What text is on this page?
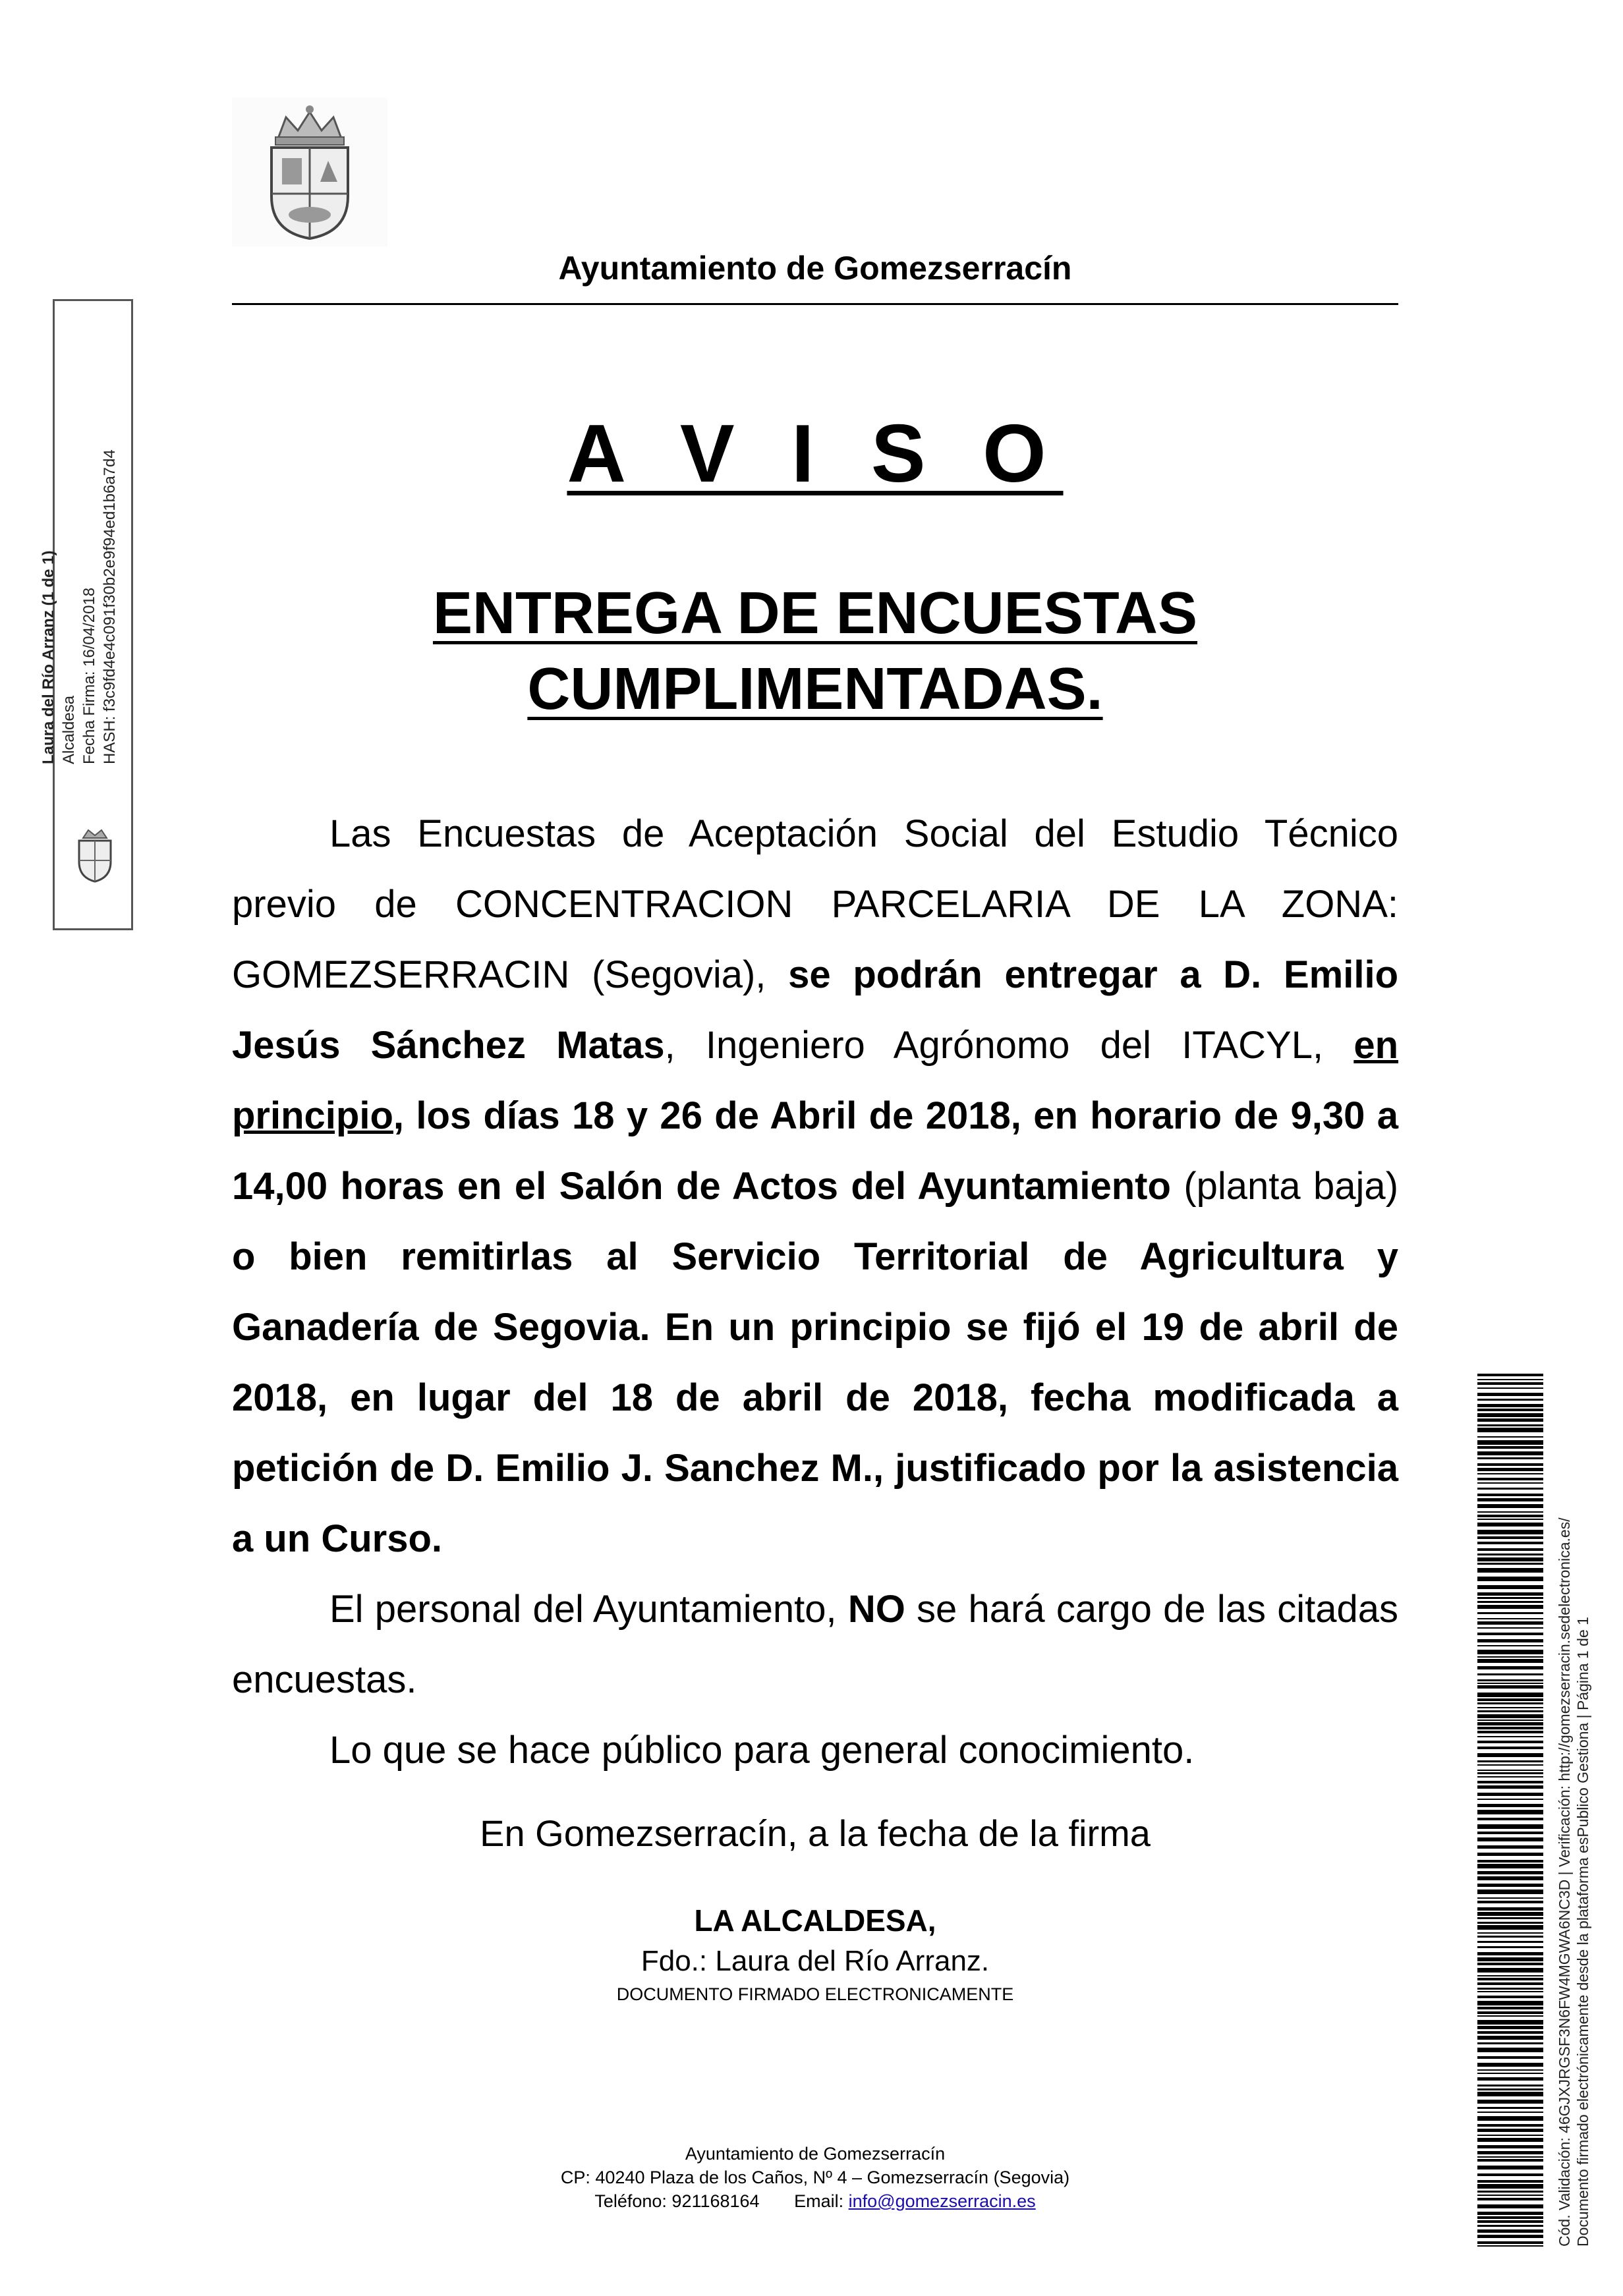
Ayuntamiento de Gomezserracín
Laura del Río Arranz (1 de 1) Alcaldesa Fecha Firma: 16/04/2018 HASH: f3c9fd4e4c091f30b2e9f94ed1b6a7d4	A V I S O
ENTREGA DE ENCUESTAS
CUMPLIMENTADAS.

Las Encuestas de Aceptación Social del Estudio Técnico previo de CONCENTRACION PARCELARIA DE LA ZONA: GOMEZSERRACIN (Segovia), se podrán entregar a D. Emilio Jesús Sánchez Matas, Ingeniero Agrónomo del ITACYL, en principio, los días 18 y 26 de Abril de 2018, en horario de 9,30 a 14,00 horas en el Salón de Actos del Ayuntamiento (planta baja) o bien remitirlas al Servicio Territorial de Agricultura y Ganadería de Segovia. En un principio se fijó el 19 de abril de 2018, en lugar del 18 de abril de 2018, fecha modificada a petición de D. Emilio J. Sanchez M., justificado por la asistencia a un Curso.

El personal del Ayuntamiento, NO se hará cargo de las citadas encuestas.

Lo que se hace público para general conocimiento.

En Gomezserracín, a la fecha de la firma
LA ALCALDESA,
Fdo.: Laura del Río Arranz.
DOCUMENTO FIRMADO ELECTRONICAMENTE
Ayuntamiento de Gomezserracín
CP: 40240 Plaza de los Caños, Nº 4 – Gomezserracín (Segovia)
Teléfono: 921168164 Email: info@gomezserracin.es	Cód. Validación: 46GJXJRGSF3N6FW4MGWA6NC3D | Verificación: http://gomezserracin.sedelectronica.es/ Documento firmado electrónicamente desde la plataforma esPublico Gestiona | Página 1 de 1
